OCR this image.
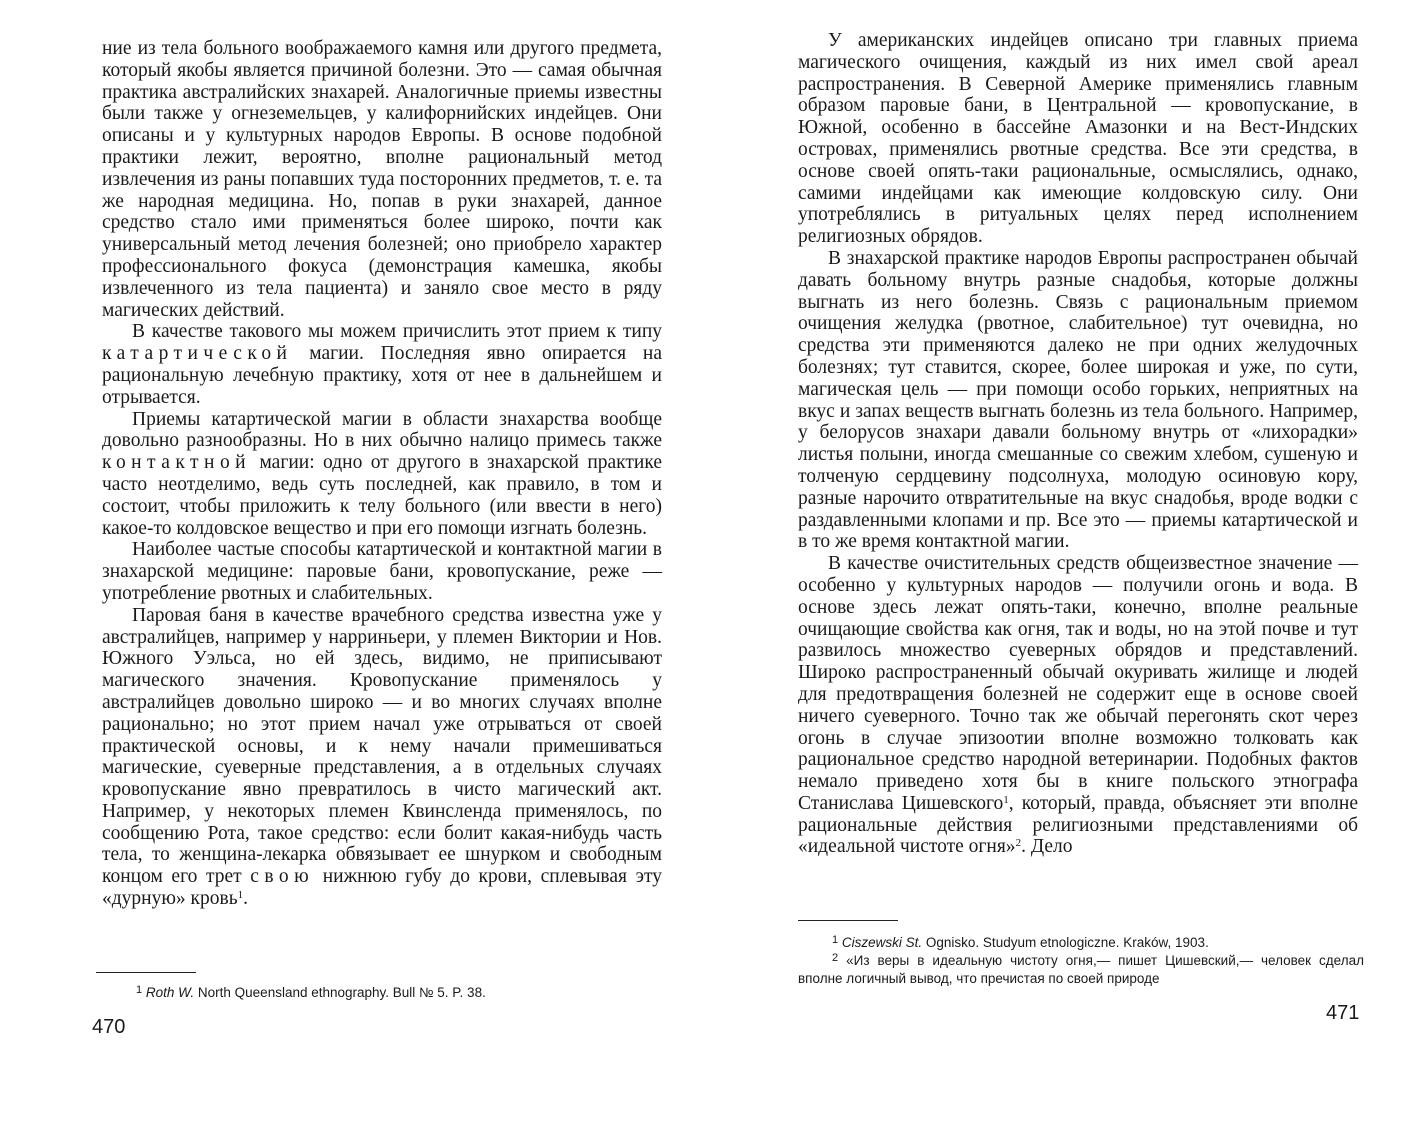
ние из тела больного воображаемого камня или другого предмета, который якобы является причиной болезни. Это — самая обычная практика австралийских знахарей. Аналогичные приемы известны были также у огнеземельцев, у калифорнийских индейцев. Они описаны и у культурных народов Европы. В основе подобной практики лежит, вероятно, вполне рациональный метод извлечения из раны попавших туда посторонних предметов, т. е. та же народная медицина. Но, попав в руки знахарей, данное средство стало ими применяться более широко, почти как универсальный метод лечения болезней; оно приобрело характер профессионального фокуса (демонстрация камешка, якобы извлеченного из тела пациента) и заняло свое место в ряду магических действий.

В качестве такового мы можем причислить этот прием к типу катартической магии. Последняя явно опирается на рациональную лечебную практику, хотя от нее в дальнейшем и отрывается.

Приемы катартической магии в области знахарства вообще довольно разнообразны. Но в них обычно налицо примесь также контактной магии: одно от другого в знахарской практике часто неотделимо, ведь суть последней, как правило, в том и состоит, чтобы приложить к телу больного (или ввести в него) какое-то колдовское вещество и при его помощи изгнать болезнь.

Наиболее частые способы катартической и контактной магии в знахарской медицине: паровые бани, кровопускание, реже — употребление рвотных и слабительных.

Паровая баня в качестве врачебного средства известна уже у австралийцев, например у нарриньери, у племен Виктории и Нов. Южного Уэльса, но ей здесь, видимо, не приписывают магического значения. Кровопускание применялось у австралийцев довольно широко — и во многих случаях вполне рационально; но этот прием начал уже отрываться от своей практической основы, и к нему начали примешиваться магические, суеверные представления, а в отдельных случаях кровопускание явно превратилось в чисто магический акт. Например, у некоторых племен Квинсленда применялось, по сообщению Рота, такое средство: если болит какая-нибудь часть тела, то женщина-лекарка обвязывает ее шнурком и свободным концом его трет свою нижнюю губу до крови, сплевывая эту «дурную» кровь$^1$.

$^1$ Roth W. North Queensland ethnography. Bull № 5. P. 38.

470

У американских индейцев описано три главных приема магического очищения, каждый из них имел свой ареал распространения. В Северной Америке применялись главным образом паровые бани, в Центральной — кровопускание, в Южной, особенно в бассейне Амазонки и на Вест-Индских островах, применялись рвотные средства. Все эти средства, в основе своей опять-таки рациональные, осмыслялись, однако, самими индейцами как имеющие колдовскую силу. Они употреблялись в ритуальных целях перед исполнением религиозных обрядов.

В знахарской практике народов Европы распространен обычай давать больному внутрь разные снадобья, которые должны выгнать из него болезнь. Связь с рациональным приемом очищения желудка (рвотное, слабительное) тут очевидна, но средства эти применяются далеко не при одних желудочных болезнях; тут ставится, скорее, более широкая и уже, по сути, магическая цель — при помощи особо горьких, неприятных на вкус и запах веществ выгнать болезнь из тела больного. Например, у белорусов знахари давали больному внутрь от «лихорадки» листья полыни, иногда смешанные со свежим хлебом, сушеную и толченую сердцевину подсолнуха, молодую осиновую кору, разные нарочито отвратительные на вкус снадобья, вроде водки с раздавленными клопами и пр. Все это — приемы катартической и в то же время контактной магии.

В качестве очистительных средств общеизвестное значение — особенно у культурных народов — получили огонь и вода. В основе здесь лежат опять-таки, конечно, вполне реальные очищающие свойства как огня, так и воды, но на этой почве и тут развилось множество суеверных обрядов и представлений. Широко распространенный обычай окуривать жилище и людей для предотвращения болезней не содержит еще в основе своей ничего суеверного. Точно так же обычай перегонять скот через огонь в случае эпизоотии вполне возможно толковать как рациональное средство народной ветеринарии. Подобных фактов немало приведено хотя бы в книге польского этнографа Станислава Цишевского$^1$, который, правда, объясняет эти вполне рациональные действия религиозными представлениями об «идеальной чистоте огня»$^2$. Дело

$^1$ Ciszewski St. Ognisko. Studyum etnologiczne. Kraków, 1903.

$^2$ «Из веры в идеальную чистоту огня,— пишет Цишевский,— человек сделал вполне логичный вывод, что пречистая по своей природе

471
